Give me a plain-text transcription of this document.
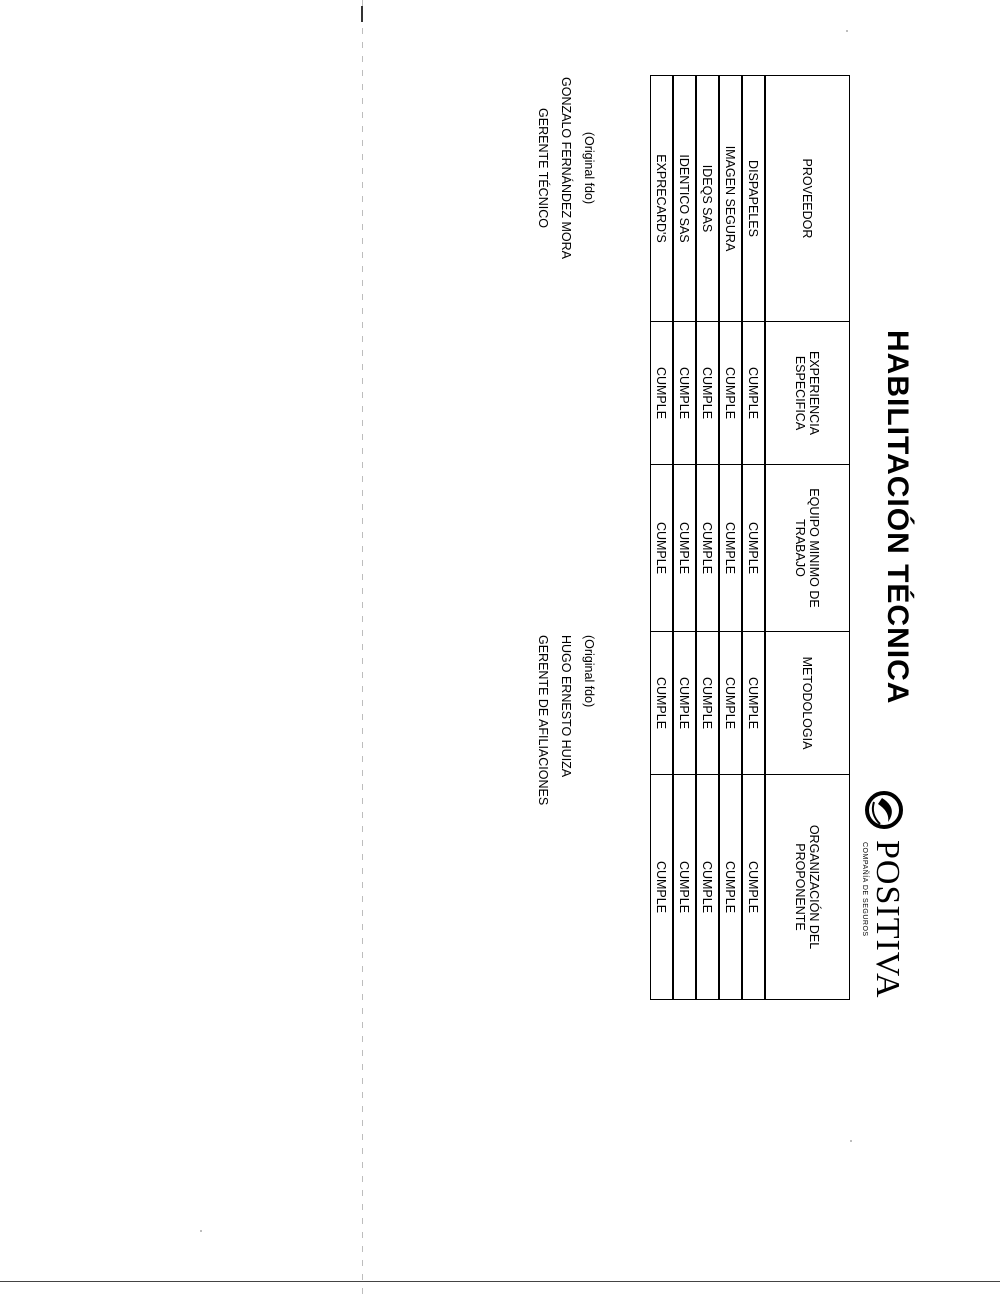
POSITIVA
COMPAÑÍA DE SEGUROS
HABILITACIÓN TÉCNICA
PROVEEDOR	EXPERIENCIA ESPECIFICA	EQUIPO MINIMO DE TRABAJO	METODOLOGIA	ORGANIZACIÓN DEL PROPONENTE
DISPAPELES	CUMPLE	CUMPLE	CUMPLE	CUMPLE
IMAGEN SEGURA	CUMPLE	CUMPLE	CUMPLE	CUMPLE
IDEQS SAS	CUMPLE	CUMPLE	CUMPLE	CUMPLE
IDENTICO SAS	CUMPLE	CUMPLE	CUMPLE	CUMPLE
EXPRECARD'S	CUMPLE	CUMPLE	CUMPLE	CUMPLE
(Original fdo)
GONZALO FERNÁNDEZ MORA
GERENTE TÉCNICO
(Original fdo)
HUGO ERNESTO HUIZA
GERENTE DE AFILIACIONES
